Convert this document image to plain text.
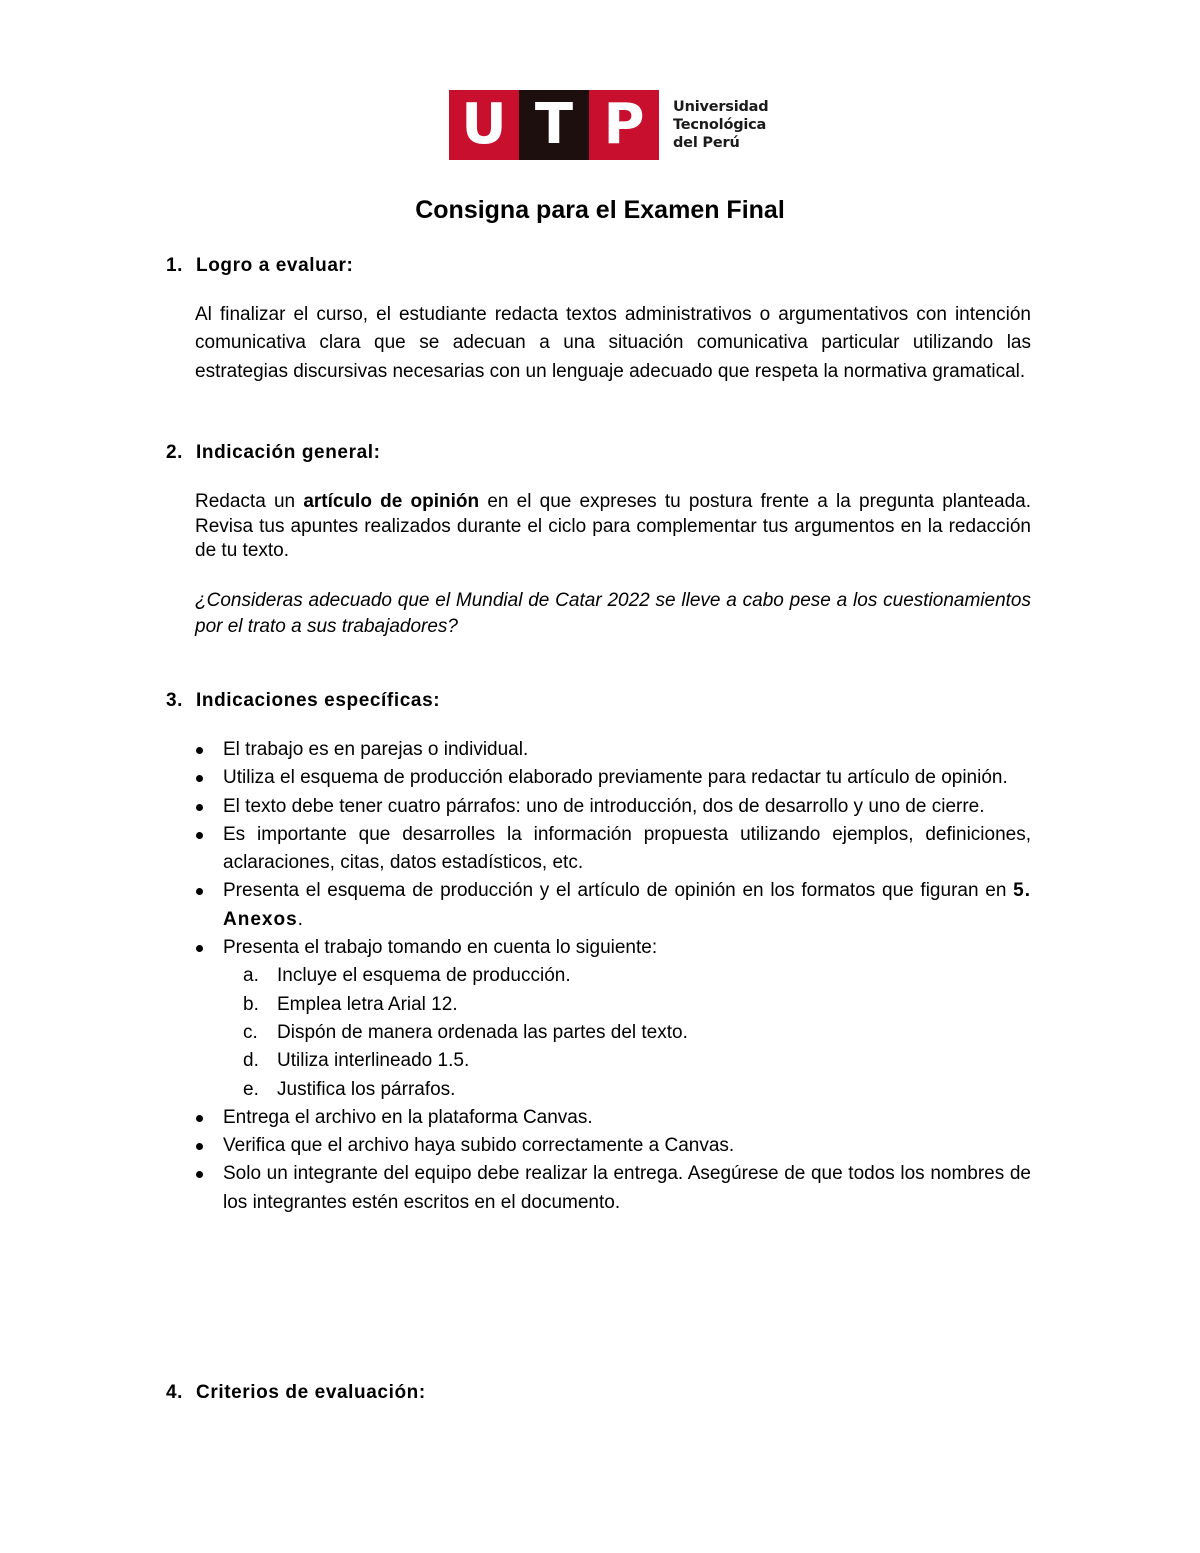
U T P	Universidad
Tecnológica
del Perú
Consigna para el Examen Final
1. Logro a evaluar:
Al finalizar el curso, el estudiante redacta textos administrativos o argumentativos con intención comunicativa clara que se adecuan a una situación comunicativa particular utilizando las estrategias discursivas necesarias con un lenguaje adecuado que respeta la normativa gramatical.
2. Indicación general:
Redacta un artículo de opinión en el que expreses tu postura frente a la pregunta planteada. Revisa tus apuntes realizados durante el ciclo para complementar tus argumentos en la redacción de tu texto.
¿Consideras adecuado que el Mundial de Catar 2022 se lleve a cabo pese a los cuestionamientos por el trato a sus trabajadores?
3. Indicaciones específicas:
El trabajo es en parejas o individual.
Utiliza el esquema de producción elaborado previamente para redactar tu artículo de opinión.
El texto debe tener cuatro párrafos: uno de introducción, dos de desarrollo y uno de cierre.
Es importante que desarrolles la información propuesta utilizando ejemplos, definiciones, aclaraciones, citas, datos estadísticos, etc.
Presenta el esquema de producción y el artículo de opinión en los formatos que figuran en 5. Anexos.
Presenta el trabajo tomando en cuenta lo siguiente:
a. Incluye el esquema de producción.
b. Emplea letra Arial 12.
c. Dispón de manera ordenada las partes del texto.
d. Utiliza interlineado 1.5.
e. Justifica los párrafos.
Entrega el archivo en la plataforma Canvas.
Verifica que el archivo haya subido correctamente a Canvas.
Solo un integrante del equipo debe realizar la entrega. Asegúrese de que todos los nombres de los integrantes estén escritos en el documento.
4. Criterios de evaluación:
